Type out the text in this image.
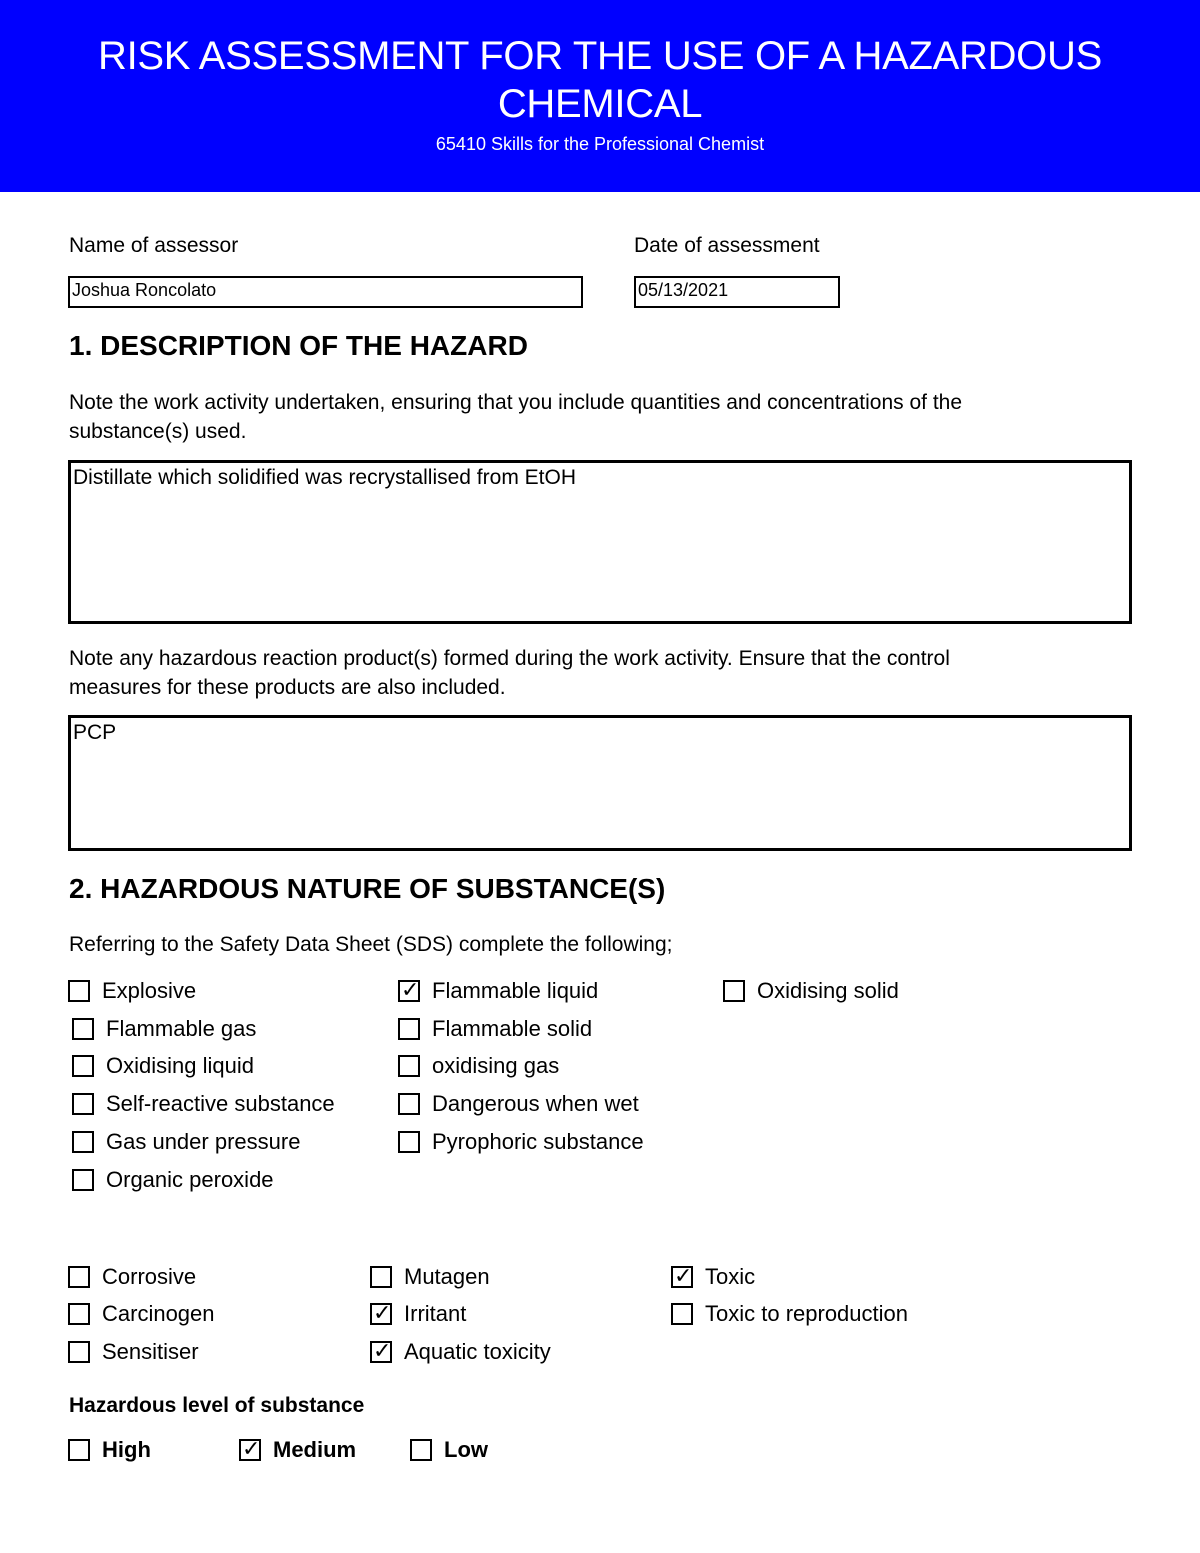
RISK ASSESSMENT FOR THE USE OF A HAZARDOUS
CHEMICAL
65410 Skills for the Professional Chemist
Name of assessor
Joshua Roncolato
Date of assessment
05/13/2021
1. DESCRIPTION OF THE HAZARD
Note the work activity undertaken, ensuring that you include quantities and concentrations of the
substance(s) used.
Distillate which solidified was recrystallised from EtOH
Note any hazardous reaction product(s) formed during the work activity. Ensure that the control
measures for these products are also included.
PCP
2. HAZARDOUS NATURE OF SUBSTANCE(S)
Referring to the Safety Data Sheet (SDS) complete the following;
Explosive
Flammable gas
Oxidising liquid
Self-reactive substance
Gas under pressure
Organic peroxide
✓ Flammable liquid
Flammable solid
oxidising gas
Dangerous when wet
Pyrophoric substance
Oxidising solid
Corrosive
Carcinogen
Sensitiser
Mutagen
✓ Irritant
✓ Aquatic toxicity
✓ Toxic
Toxic to reproduction
Hazardous level of substance
High	✓ Medium	Low
